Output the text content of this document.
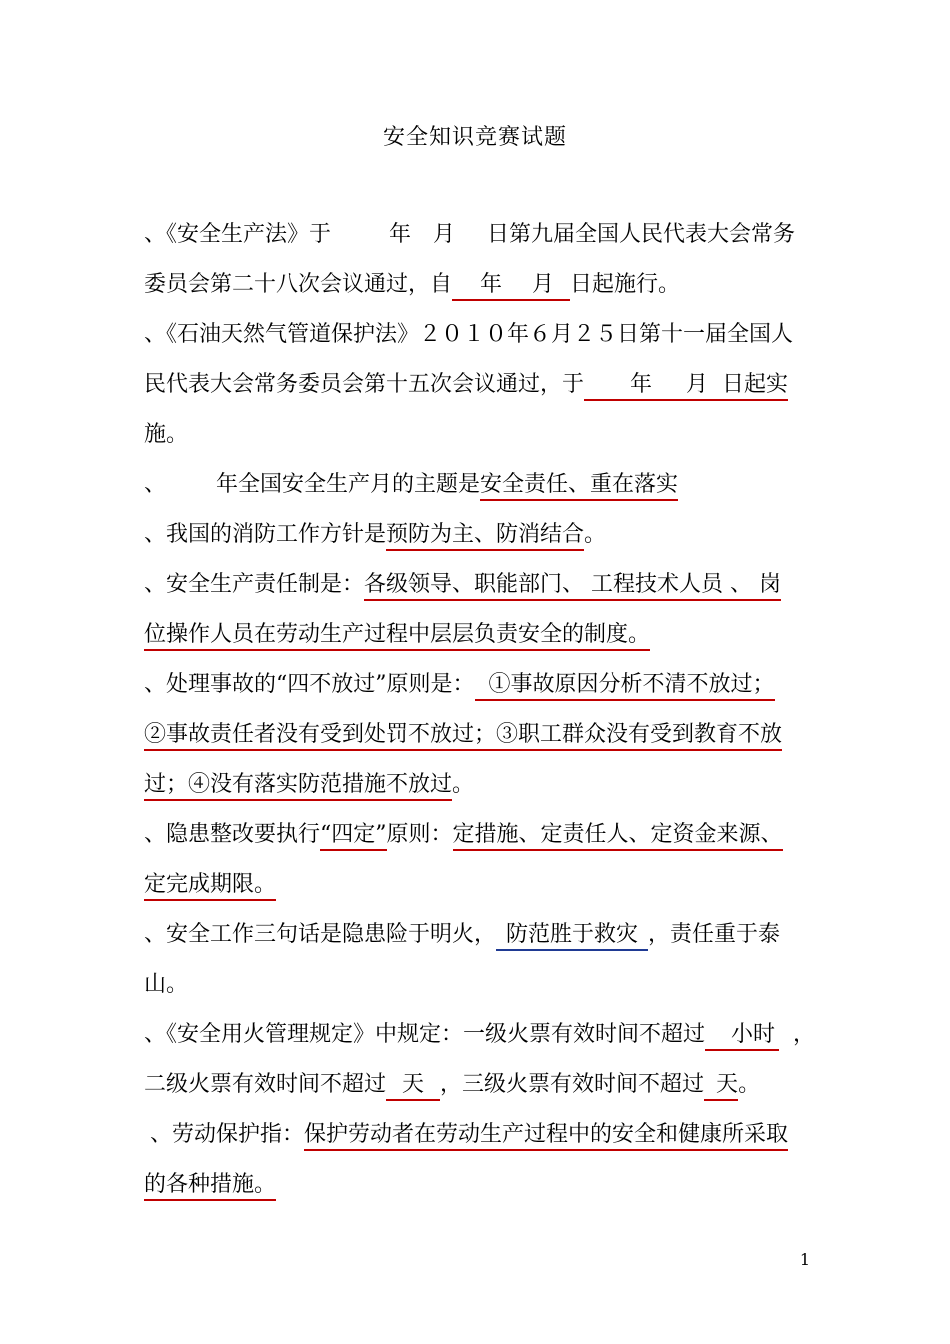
安全知识竞赛试题
、《安全生产法》于	年 月 日第九届全国人民代表大会常务
委员会第二十八次会议通过，自 年 月 日起施行。
、《石油天然气管道保护法》２０１０年６月２５日第十一届全国人
民代表大会常务委员会第十五次会议通过，于 年 月 日起实
施。
、 年全国安全生产月的主题是安全责任、重在落实
、我国的消防工作方针是预防为主、防消结合。
、安全生产责任制是：各级领导、职能部门、 工程技术人员 、 岗
位操作人员在劳动生产过程中层层负责安全的制度。
、处理事故的“四不放过”原则是： ①事故原因分析不清不放过；
②事故责任者没有受到处罚不放过；③职工群众没有受到教育不放
过；④没有落实防范措施不放过。
、隐患整改要执行“四定”原则：定措施、定责任人、定资金来源、
定完成期限。
、安全工作三句话是隐患险于明火， 防范胜于救灾 ，责任重于泰
山。
、《安全用火管理规定》中规定：一级火票有效时间不超过 小时 ，
二级火票有效时间不超过 天 ，三级火票有效时间不超过 天。
、劳动保护指：保护劳动者在劳动生产过程中的安全和健康所采取
的各种措施。
1
